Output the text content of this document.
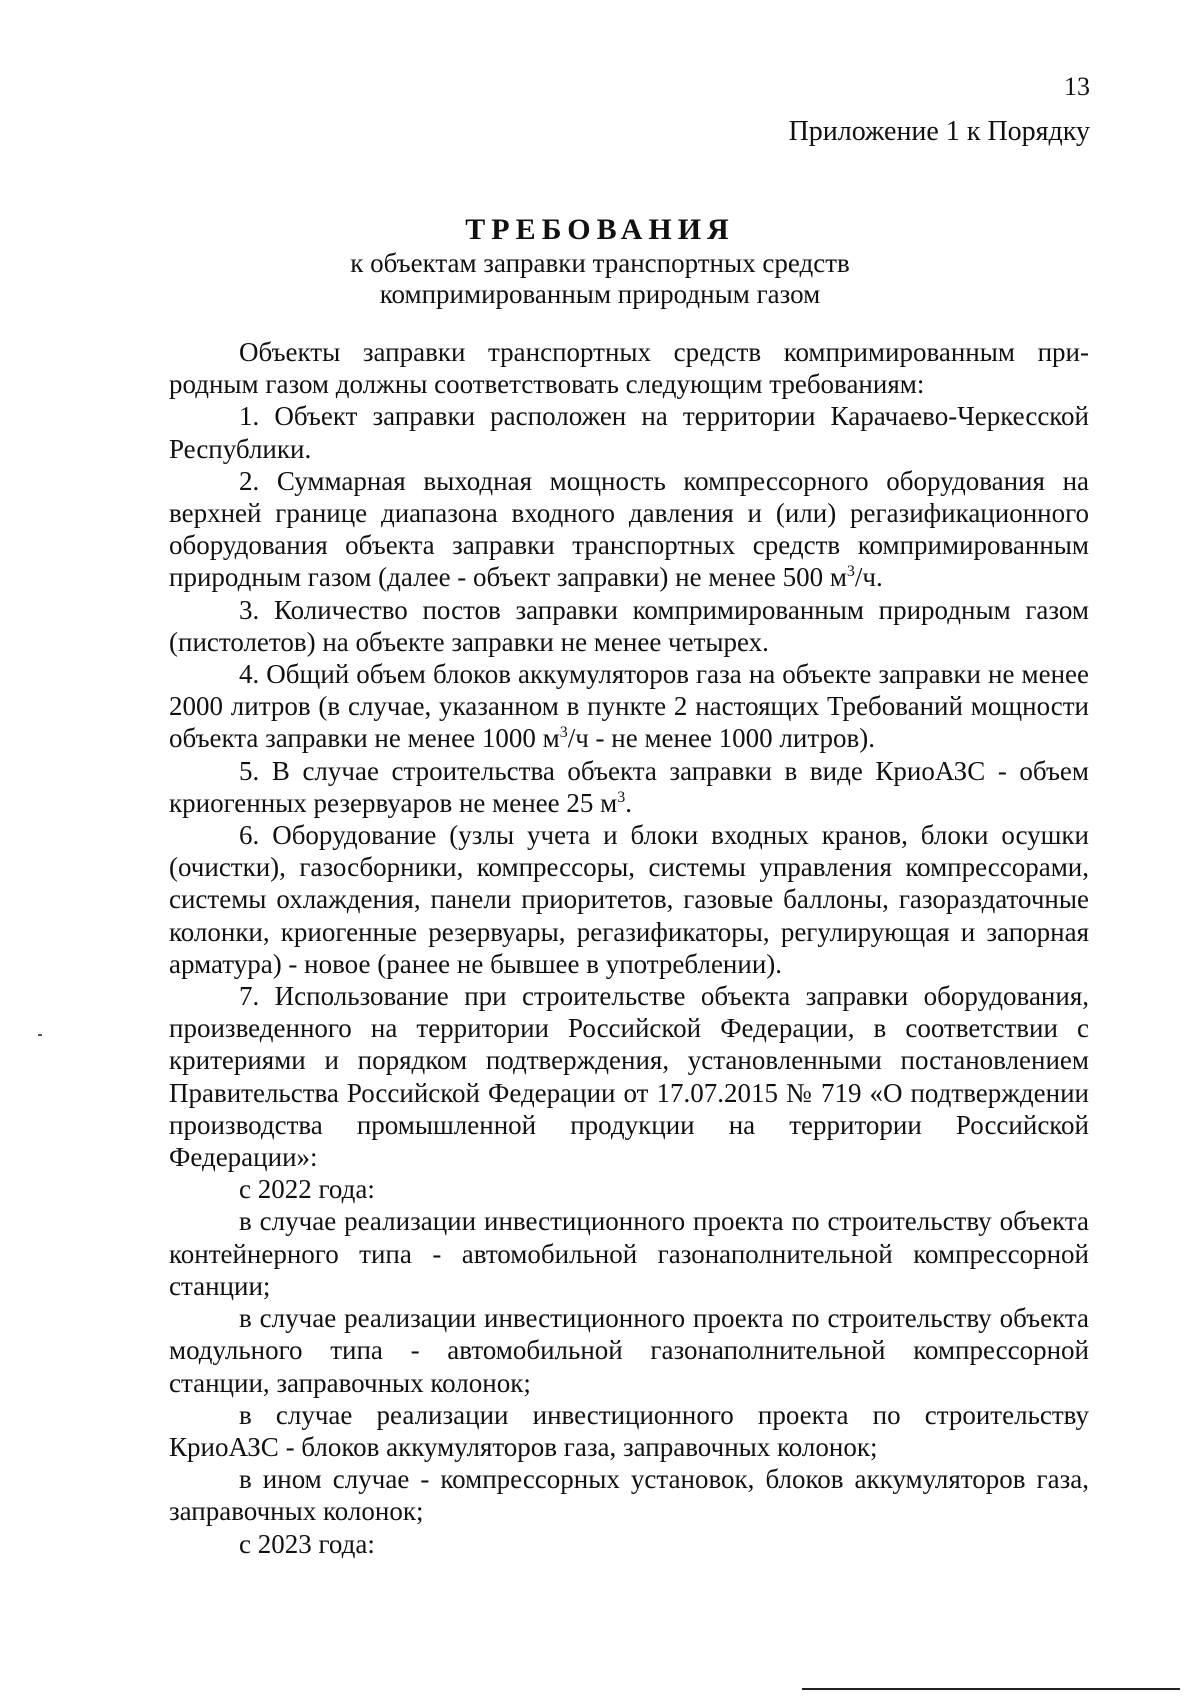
13
Приложение 1 к Порядку
ТРЕБОВАНИЯ
к объектам заправки транспортных средств
компримированным природным газом

Объекты заправки транспортных средств компримированным природным газом должны соответствовать следующим требованиям:

1. Объект заправки расположен на территории Карачаево-Черкесской Республики.

2. Суммарная выходная мощность компрессорного оборудования на верхней границе диапазона входного давления и (или) регазификационного оборудования объекта заправки транспортных средств компримированным природным газом (далее - объект заправки) не менее 500 $м^3/ч$.

3. Количество постов заправки компримированным природным газом (пистолетов) на объекте заправки не менее четырех.

4. Общий объем блоков аккумуляторов газа на объекте заправки не менее 2000 литров (в случае, указанном в пункте 2 настоящих Требований мощности объекта заправки не менее 1000 $м^3/ч$ - не менее 1000 литров).

5. В случае строительства объекта заправки в виде КриоАЗС - объем криогенных резервуаров не менее 25 $м^3$.

6. Оборудование (узлы учета и блоки входных кранов, блоки осушки (очистки), газосборники, компрессоры, системы управления компрессорами, системы охлаждения, панели приоритетов, газовые баллоны, газораздаточные колонки, криогенные резервуары, регазификаторы, регулирующая и запорная арматура) - новое (ранее не бывшее в употреблении).

7. Использование при строительстве объекта заправки оборудования, произведенного на территории Российской Федерации, в соответствии с критериями и порядком подтверждения, установленными постановлением Правительства Российской Федерации от 17.07.2015 № 719 «О подтверждении производства промышленной продукции на территории Российской Федерации»:

с 2022 года:

в случае реализации инвестиционного проекта по строительству объекта контейнерного типа - автомобильной газонаполнительной компрессорной станции;

в случае реализации инвестиционного проекта по строительству объекта модульного типа - автомобильной газонаполнительной компрессорной станции, заправочных колонок;

в случае реализации инвестиционного проекта по строительству КриоАЗС - блоков аккумуляторов газа, заправочных колонок;

в ином случае - компрессорных установок, блоков аккумуляторов газа, заправочных колонок;

с 2023 года:
